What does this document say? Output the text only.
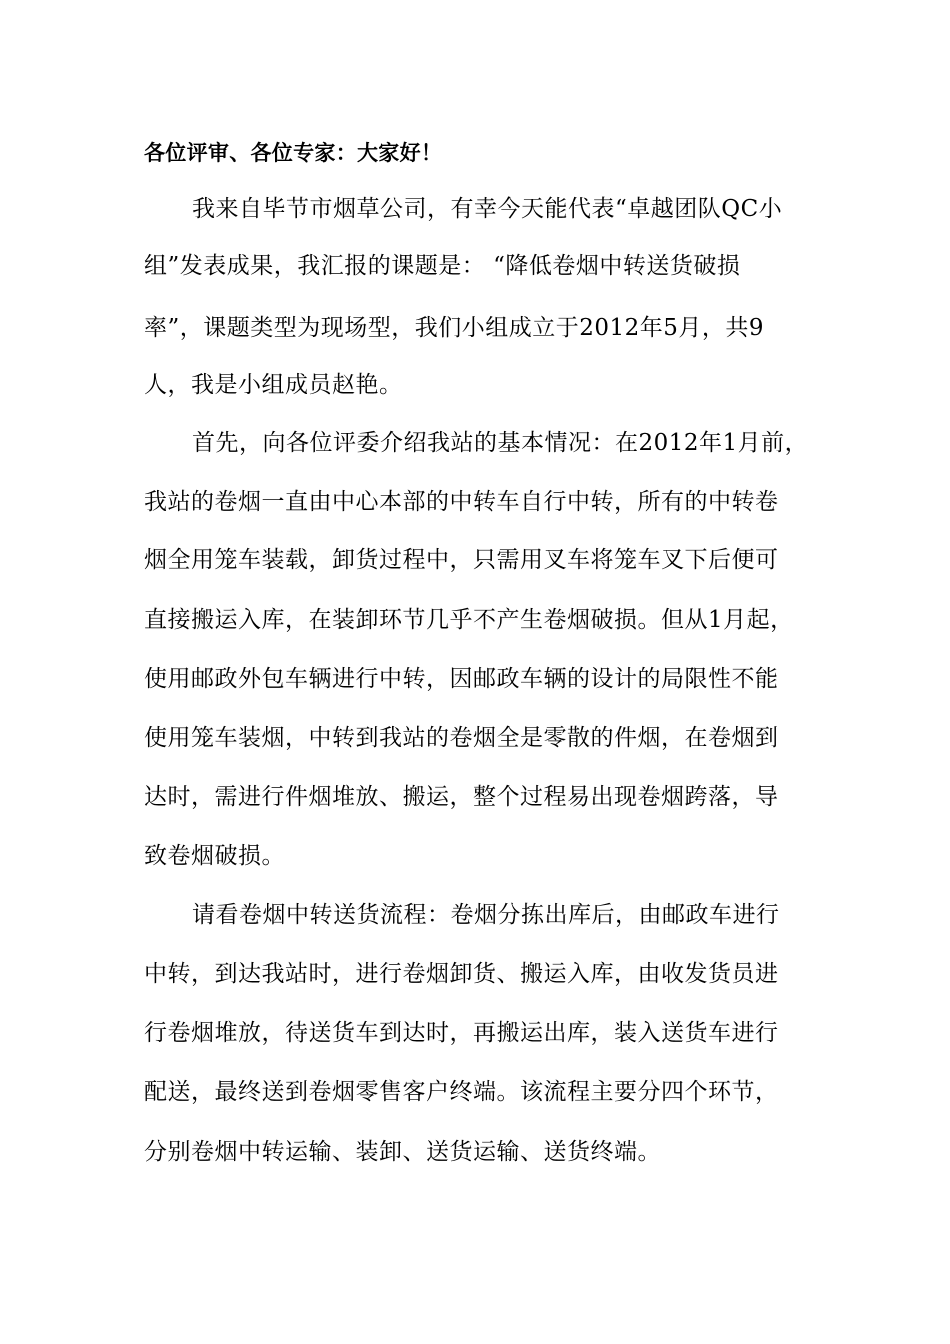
各位评审、各位专家：大家好！
我来自毕节市烟草公司，有幸今天能代表“卓越团队QC小
组”发表成果，我汇报的课题是： “降低卷烟中转送货破损
率”，课题类型为现场型，我们小组成立于2012年5月，共9
人，我是小组成员赵艳。
首先，向各位评委介绍我站的基本情况：在2012年1月前，
我站的卷烟一直由中心本部的中转车自行中转，所有的中转卷
烟全用笼车装载，卸货过程中，只需用叉车将笼车叉下后便可
直接搬运入库，在装卸环节几乎不产生卷烟破损。但从1月起，
使用邮政外包车辆进行中转，因邮政车辆的设计的局限性不能
使用笼车装烟，中转到我站的卷烟全是零散的件烟，在卷烟到
达时，需进行件烟堆放、搬运，整个过程易出现卷烟跨落，导
致卷烟破损。
请看卷烟中转送货流程：卷烟分拣出库后，由邮政车进行
中转，到达我站时，进行卷烟卸货、搬运入库，由收发货员进
行卷烟堆放，待送货车到达时，再搬运出库，装入送货车进行
配送，最终送到卷烟零售客户终端。该流程主要分四个环节，
分别卷烟中转运输、装卸、送货运输、送货终端。
